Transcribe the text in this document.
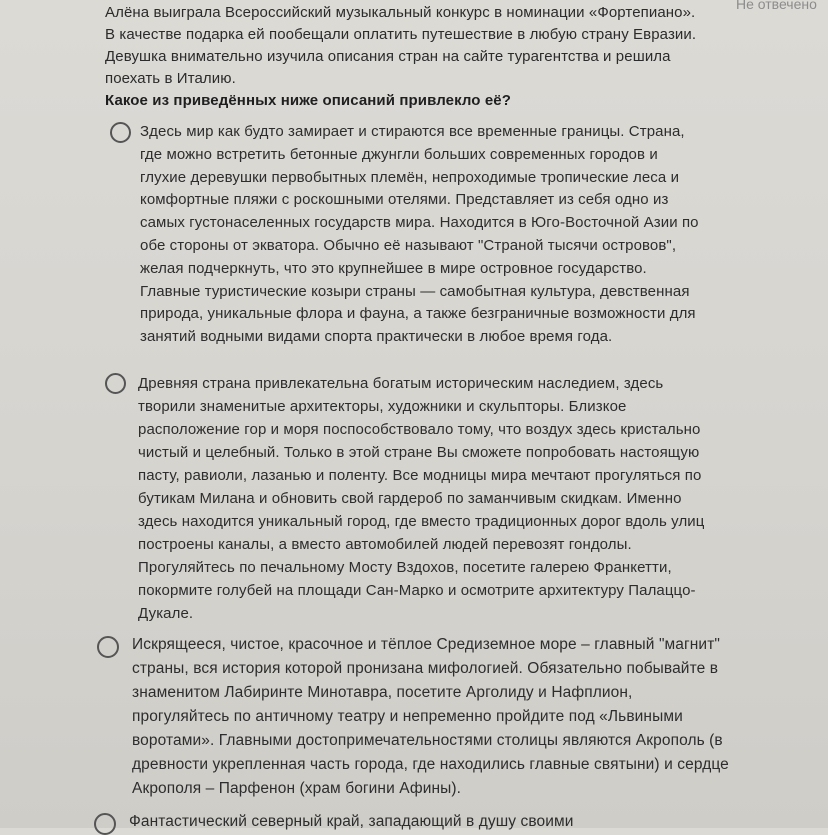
Не отвечено

Алёна выиграла Всероссийский музыкальный конкурс в номинации «Фортепиано». В качестве подарка ей пообещали оплатить путешествие в любую страну Евразии. Девушка внимательно изучила описания стран на сайте турагентства и решила поехать в Италию.

Какое из приведённых ниже описаний привлекло её?

Здесь мир как будто замирает и стираются все временные границы. Страна, где можно встретить бетонные джунгли больших современных городов и глухие деревушки первобытных племён, непроходимые тропические леса и комфортные пляжи с роскошными отелями. Представляет из себя одно из самых густонаселенных государств мира. Находится в Юго-Восточной Азии по обе стороны от экватора. Обычно её называют "Страной тысячи островов", желая подчеркнуть, что это крупнейшее в мире островное государство. Главные туристические козыри страны — самобытная культура, девственная природа, уникальные флора и фауна, а также безграничные возможности для занятий водными видами спорта практически в любое время года.
Древняя страна привлекательна богатым историческим наследием, здесь творили знаменитые архитекторы, художники и скульпторы. Близкое расположение гор и моря поспособствовало тому, что воздух здесь кристально чистый и целебный. Только в этой стране Вы сможете попробовать настоящую пасту, равиоли, лазанью и поленту. Все модницы мира мечтают прогуляться по бутикам Милана и обновить свой гардероб по заманчивым скидкам. Именно здесь находится уникальный город, где вместо традиционных дорог вдоль улиц построены каналы, а вместо автомобилей людей перевозят гондолы. Прогуляйтесь по печальному Мосту Вздохов, посетите галерею Франкетти, покормите голубей на площади Сан-Марко и осмотрите архитектуру Палаццо-Дукале.
Искрящееся, чистое, красочное и тёплое Средиземное море – главный "магнит" страны, вся история которой пронизана мифологией. Обязательно побывайте в знаменитом Лабиринте Минотавра, посетите Арголиду и Нафплион, прогуляйтесь по античному театру и непременно пройдите под «Львиными воротами». Главными достопримечательностями столицы являются Акрополь (в древности укрепленная часть города, где находились главные святыни) и сердце Акрополя – Парфенон (храм богини Афины).
Фантастический северный край, западающий в душу своими
